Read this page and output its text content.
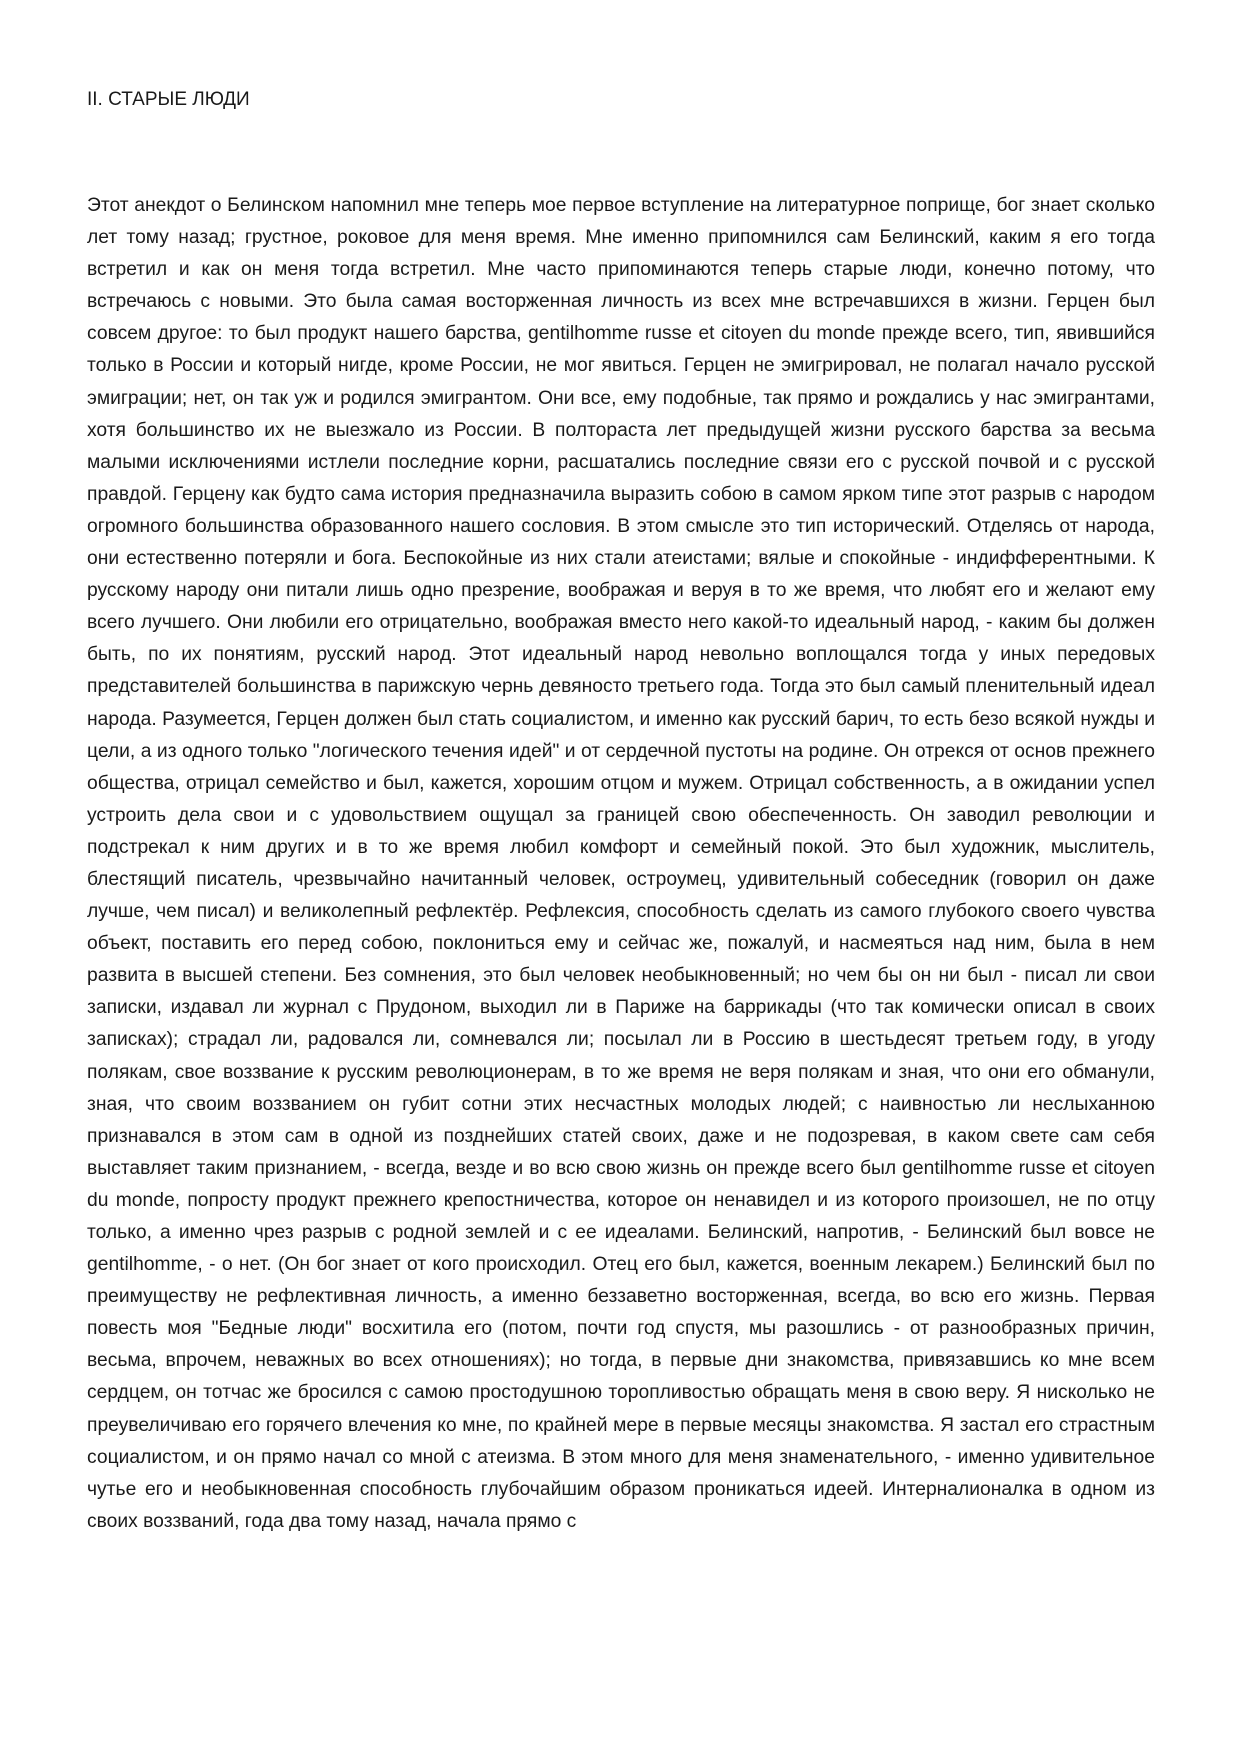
II. СТАРЫЕ ЛЮДИ

Этот анекдот о Белинском напомнил мне теперь мое первое вступление на литературное поприще, бог знает сколько лет тому назад; грустное, роковое для меня время. Мне именно припомнился сам Белинский, каким я его тогда встретил и как он меня тогда встретил. Мне часто припоминаются теперь старые люди, конечно потому, что встречаюсь с новыми. Это была самая восторженная личность из всех мне встречавшихся в жизни. Герцен был совсем другое: то был продукт нашего барства, gentilhomme russe et citoyen du monde прежде всего, тип, явившийся только в России и который нигде, кроме России, не мог явиться. Герцен не эмигрировал, не полагал начало русской эмиграции; нет, он так уж и родился эмигрантом. Они все, ему подобные, так прямо и рождались у нас эмигрантами, хотя большинство их не выезжало из России. В полтораста лет предыдущей жизни русского барства за весьма малыми исключениями истлели последние корни, расшатались последние связи его с русской почвой и с русской правдой. Герцену как будто сама история предназначила выразить собою в самом ярком типе этот разрыв с народом огромного большинства образованного нашего сословия. В этом смысле это тип исторический. Отделясь от народа, они естественно потеряли и бога. Беспокойные из них стали атеистами; вялые и спокойные - индифферентными. К русскому народу они питали лишь одно презрение, воображая и веруя в то же время, что любят его и желают ему всего лучшего. Они любили его отрицательно, воображая вместо него какой-то идеальный народ, - каким бы должен быть, по их понятиям, русский народ. Этот идеальный народ невольно воплощался тогда у иных передовых представителей большинства в парижскую чернь девяносто третьего года. Тогда это был самый пленительный идеал народа. Разумеется, Герцен должен был стать социалистом, и именно как русский барич, то есть безо всякой нужды и цели, а из одного только "логического течения идей" и от сердечной пустоты на родине. Он отрекся от основ прежнего общества, отрицал семейство и был, кажется, хорошим отцом и мужем. Отрицал собственность, а в ожидании успел устроить дела свои и с удовольствием ощущал за границей свою обеспеченность. Он заводил революции и подстрекал к ним других и в то же время любил комфорт и семейный покой. Это был художник, мыслитель, блестящий писатель, чрезвычайно начитанный человек, остроумец, удивительный собеседник (говорил он даже лучше, чем писал) и великолепный рефлектёр. Рефлексия, способность сделать из самого глубокого своего чувства объект, поставить его перед собою, поклониться ему и сейчас же, пожалуй, и насмеяться над ним, была в нем развита в высшей степени. Без сомнения, это был человек необыкновенный; но чем бы он ни был - писал ли свои записки, издавал ли журнал с Прудоном, выходил ли в Париже на баррикады (что так комически описал в своих записках); страдал ли, радовался ли, сомневался ли; посылал ли в Россию в шестьдесят третьем году, в угоду полякам, свое воззвание к русским революционерам, в то же время не веря полякам и зная, что они его обманули, зная, что своим воззванием он губит сотни этих несчастных молодых людей; с наивностью ли неслыханною признавался в этом сам в одной из позднейших статей своих, даже и не подозревая, в каком свете сам себя выставляет таким признанием, - всегда, везде и во всю свою жизнь он прежде всего был gentilhomme russe et citoyen du monde, попросту продукт прежнего крепостничества, которое он ненавидел и из которого произошел, не по отцу только, а именно чрез разрыв с родной землей и с ее идеалами. Белинский, напротив, - Белинский был вовсе не gentilhomme, - о нет. (Он бог знает от кого происходил. Отец его был, кажется, военным лекарем.) Белинский был по преимуществу не рефлективная личность, а именно беззаветно восторженная, всегда, во всю его жизнь. Первая повесть моя "Бедные люди" восхитила его (потом, почти год спустя, мы разошлись - от разнообразных причин, весьма, впрочем, неважных во всех отношениях); но тогда, в первые дни знакомства, привязавшись ко мне всем сердцем, он тотчас же бросился с самою простодушною торопливостью обращать меня в свою веру. Я нисколько не преувеличиваю его горячего влечения ко мне, по крайней мере в первые месяцы знакомства. Я застал его страстным социалистом, и он прямо начал со мной с атеизма. В этом много для меня знаменательного, - именно удивительное чутье его и необыкновенная способность глубочайшим образом проникаться идеей. Интерналионалка в одном из своих воззваний, года два тому назад, начала прямо с
